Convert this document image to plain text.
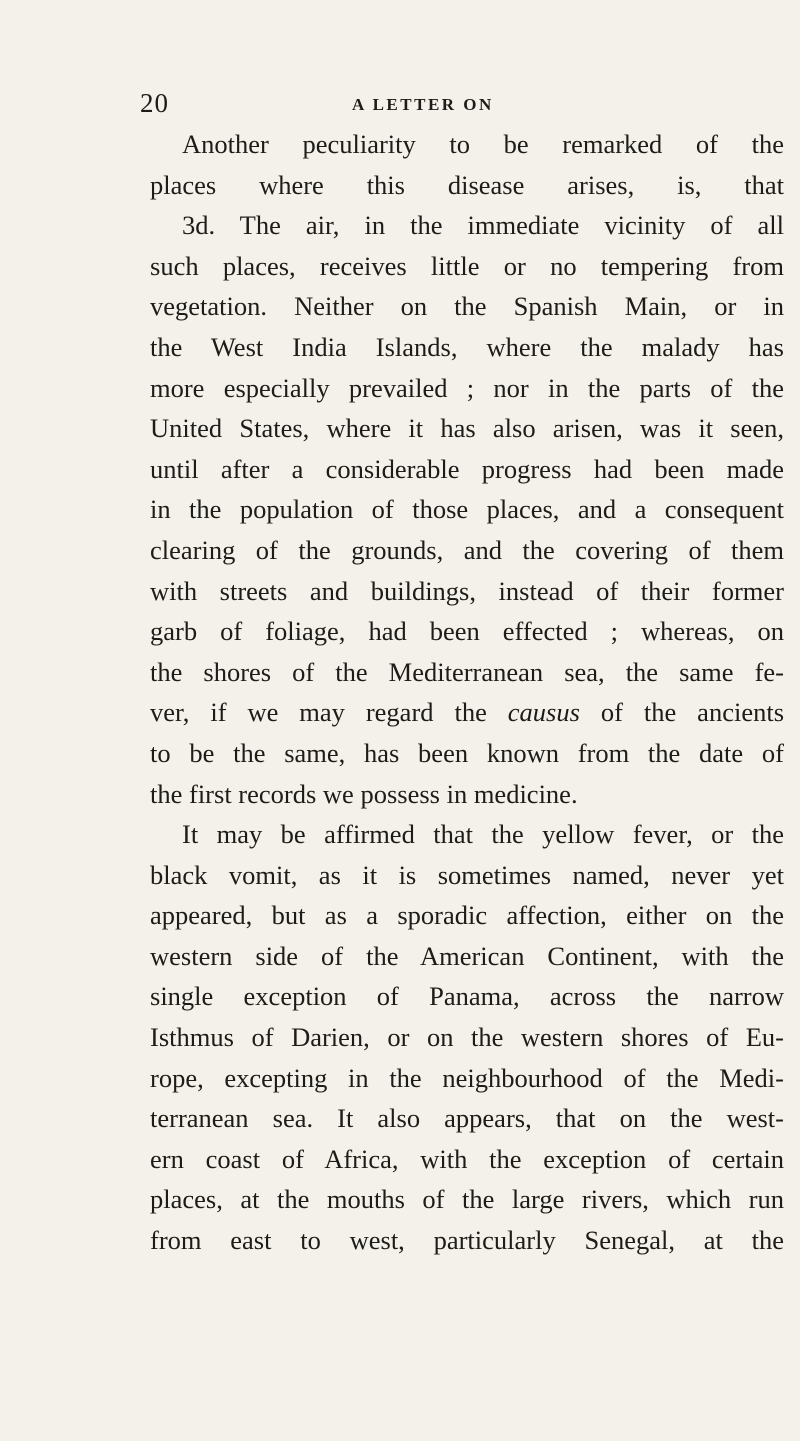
20	A LETTER ON
Another peculiarity to be remarked of the
places where this disease arises, is, that
3d. The air, in the immediate vicinity of all
such places, receives little or no tempering from
vegetation. Neither on the Spanish Main, or in
the West India Islands, where the malady has
more especially prevailed ; nor in the parts of the
United States, where it has also arisen, was it seen,
until after a considerable progress had been made
in the population of those places, and a consequent
clearing of the grounds, and the covering of them
with streets and buildings, instead of their former
garb of foliage, had been effected ; whereas, on
the shores of the Mediterranean sea, the same fe-
ver, if we may regard the causus of the ancients
to be the same, has been known from the date of
the first records we possess in medicine.
It may be affirmed that the yellow fever, or the
black vomit, as it is sometimes named, never yet
appeared, but as a sporadic affection, either on the
western side of the American Continent, with the
single exception of Panama, across the narrow
Isthmus of Darien, or on the western shores of Eu-
rope, excepting in the neighbourhood of the Medi-
terranean sea. It also appears, that on the west-
ern coast of Africa, with the exception of certain
places, at the mouths of the large rivers, which run
from east to west, particularly Senegal, at the
